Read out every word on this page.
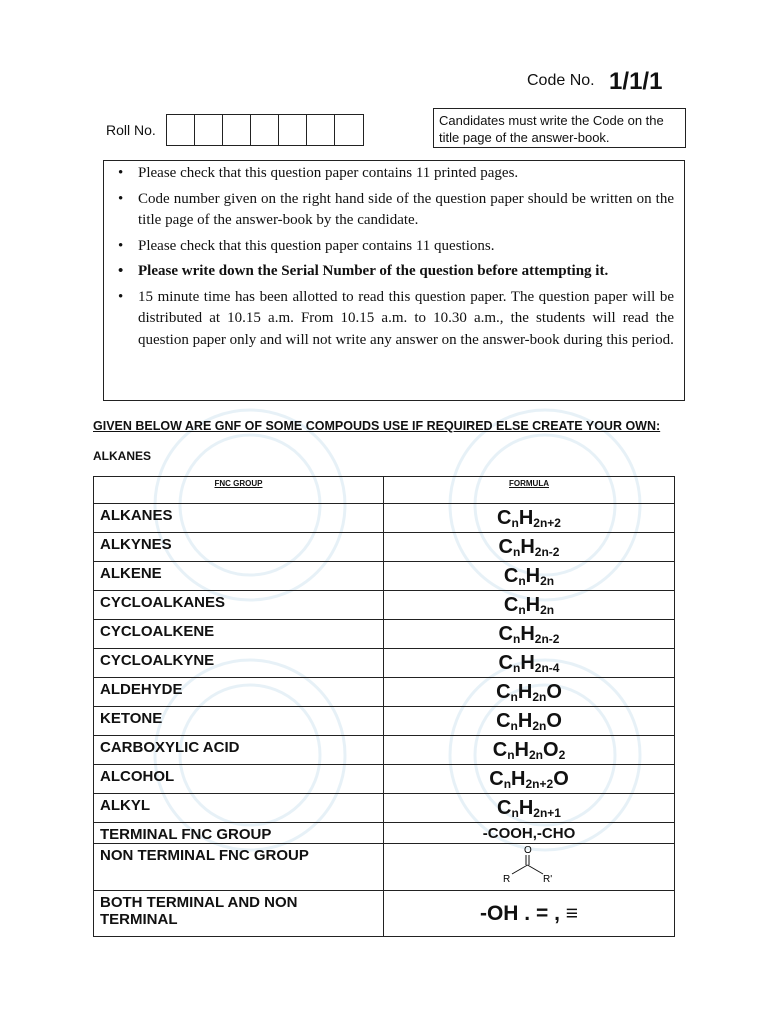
Code No. 1/1/1
Roll No.
Candidates must write the Code on the title page of the answer-book.
• Please check that this question paper contains 11 printed pages.
• Code number given on the right hand side of the question paper should be written on the title page of the answer-book by the candidate.
• Please check that this question paper contains 11 questions.
• Please write down the Serial Number of the question before attempting it.
• 15 minute time has been allotted to read this question paper. The question paper will be distributed at 10.15 a.m. From 10.15 a.m. to 10.30 a.m., the students will read the question paper only and will not write any answer on the answer-book during this period.
GIVEN BELOW ARE GNF OF SOME COMPOUDS USE IF REQUIRED ELSE CREATE YOUR OWN:
ALKANES
FNC GROUP	FORMULA
ALKANES	$C_nH_{2n+2}$
ALKYNES	$C_nH_{2n-2}$
ALKENE	$C_nH_{2n}$
CYCLOALKANES	$C_nH_{2n}$
CYCLOALKENE	$C_nH_{2n-2}$
CYCLOALKYNE	$C_nH_{2n-4}$
ALDEHYDE	$C_nH_{2n}O$
KETONE	$C_nH_{2n}O$
CARBOXYLIC ACID	$C_nH_{2n}O_2$
ALCOHOL	$C_nH_{2n+2}O$
ALKYL	$C_nH_{2n+1}$
TERMINAL FNC GROUP	-COOH,-CHO
NON TERMINAL FNC GROUP	O
R R'

BOTH TERMINAL AND NON TERMINAL	-OH . = , ≡
